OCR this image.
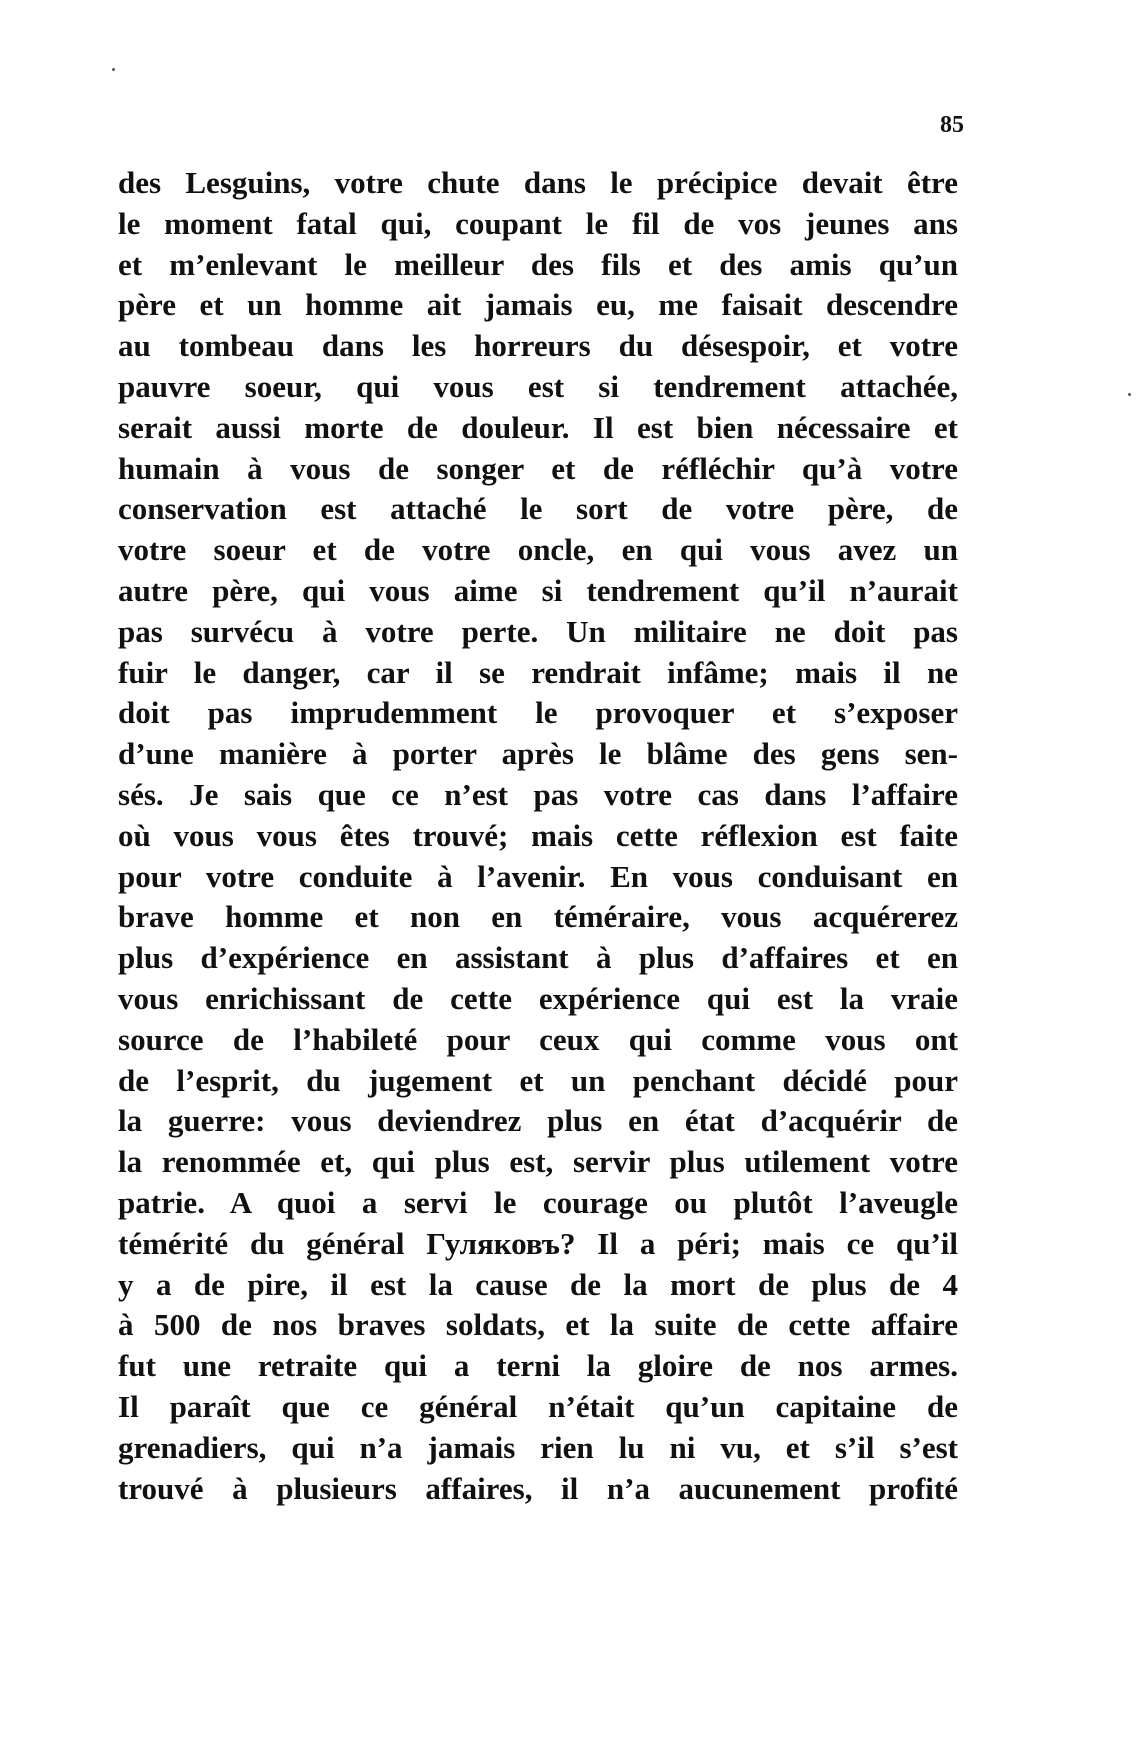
85
des Lesguins, votre chute dans le précipice devait être
le moment fatal qui, coupant le fil de vos jeunes ans
et m’enlevant le meilleur des fils et des amis qu’un
père et un homme ait jamais eu, me faisait descendre
au tombeau dans les horreurs du désespoir, et votre
pauvre soeur, qui vous est si tendrement attachée,
serait aussi morte de douleur. Il est bien nécessaire et
humain à vous de songer et de réfléchir qu’à votre
conservation est attaché le sort de votre père, de
votre soeur et de votre oncle, en qui vous avez un
autre père, qui vous aime si tendrement qu’il n’aurait
pas survécu à votre perte. Un militaire ne doit pas
fuir le danger, car il se rendrait infâme; mais il ne
doit pas imprudemment le provoquer et s’exposer
d’une manière à porter après le blâme des gens sen-
sés. Je sais que ce n’est pas votre cas dans l’affaire
où vous vous êtes trouvé; mais cette réflexion est faite
pour votre conduite à l’avenir. En vous conduisant en
brave homme et non en téméraire, vous acquérerez
plus d’expérience en assistant à plus d’affaires et en
vous enrichissant de cette expérience qui est la vraie
source de l’habileté pour ceux qui comme vous ont
de l’esprit, du jugement et un penchant décidé pour
la guerre: vous deviendrez plus en état d’acquérir de
la renommée et, qui plus est, servir plus utilement votre
patrie. A quoi a servi le courage ou plutôt l’aveugle
témérité du général Гуляковъ? Il a péri; mais ce qu’il
y a de pire, il est la cause de la mort de plus de 4
à 500 de nos braves soldats, et la suite de cette affaire
fut une retraite qui a terni la gloire de nos armes.
Il paraît que ce général n’était qu’un capitaine de
grenadiers, qui n’a jamais rien lu ni vu, et s’il s’est
trouvé à plusieurs affaires, il n’a aucunement profité
